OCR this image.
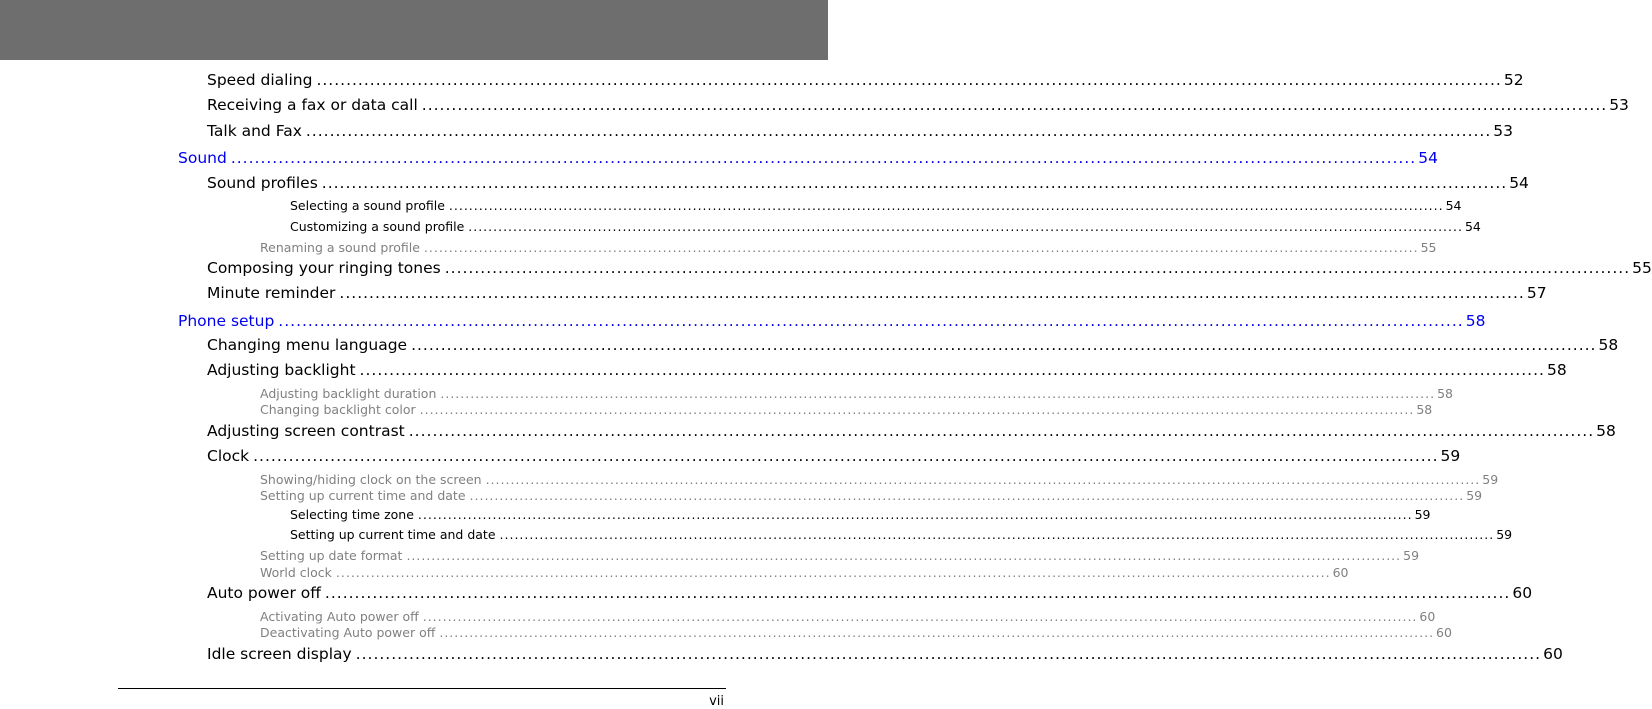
Speed dialing ........................................................................................................................................................................................................ 52
Receiving a fax or data call ........................................................................................................................................................................................................ 53
Talk and Fax ........................................................................................................................................................................................................ 53
Sound ........................................................................................................................................................................................................ 54
Sound profiles ........................................................................................................................................................................................................ 54
Selecting a sound profile ........................................................................................................................................................................................................ 54
Customizing a sound profile ........................................................................................................................................................................................................ 54
Renaming a sound profile ........................................................................................................................................................................................................ 55
Composing your ringing tones ........................................................................................................................................................................................................ 55
Minute reminder ........................................................................................................................................................................................................ 57
Phone setup ........................................................................................................................................................................................................ 58
Changing menu language ........................................................................................................................................................................................................ 58
Adjusting backlight ........................................................................................................................................................................................................ 58
Adjusting backlight duration ........................................................................................................................................................................................................ 58
Changing backlight color ........................................................................................................................................................................................................ 58
Adjusting screen contrast ........................................................................................................................................................................................................ 58
Clock ........................................................................................................................................................................................................ 59
Showing/hiding clock on the screen ........................................................................................................................................................................................................ 59
Setting up current time and date ........................................................................................................................................................................................................ 59
Selecting time zone ........................................................................................................................................................................................................ 59
Setting up current time and date ........................................................................................................................................................................................................ 59
Setting up date format ........................................................................................................................................................................................................ 59
World clock ........................................................................................................................................................................................................ 60
Auto power off ........................................................................................................................................................................................................ 60
Activating Auto power off ........................................................................................................................................................................................................ 60
Deactivating Auto power off ........................................................................................................................................................................................................ 60
Idle screen display ........................................................................................................................................................................................................ 60
vii
